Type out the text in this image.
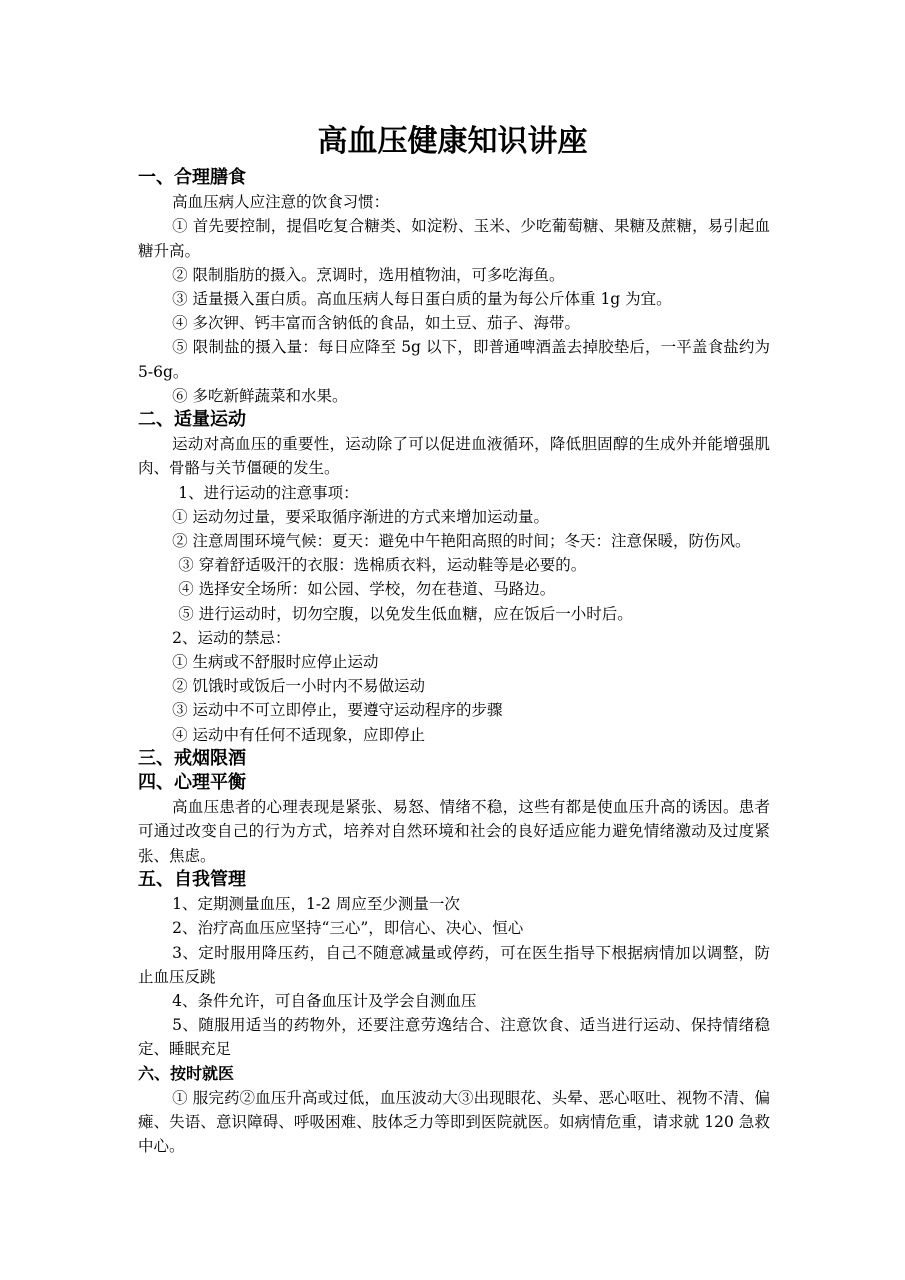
高血压健康知识讲座
一、合理膳食

高血压病人应注意的饮食习惯：

① 首先要控制，提倡吃复合糖类、如淀粉、玉米、少吃葡萄糖、果糖及蔗糖，易引起血糖升高。

② 限制脂肪的摄入。烹调时，选用植物油，可多吃海鱼。

③ 适量摄入蛋白质。高血压病人每日蛋白质的量为每公斤体重 1g 为宜。

④ 多次钾、钙丰富而含钠低的食品，如土豆、茄子、海带。

⑤ 限制盐的摄入量：每日应降至 5g 以下，即普通啤酒盖去掉胶垫后，一平盖食盐约为 5-6g。

⑥ 多吃新鲜蔬菜和水果。

二、适量运动

运动对高血压的重要性，运动除了可以促进血液循环，降低胆固醇的生成外并能增强肌肉、骨骼与关节僵硬的发生。

1、进行运动的注意事项：

① 运动勿过量，要采取循序渐进的方式来增加运动量。

② 注意周围环境气候：夏天：避免中午艳阳高照的时间；冬天：注意保暖，防伤风。

③ 穿着舒适吸汗的衣服：选棉质衣料，运动鞋等是必要的。

④ 选择安全场所：如公园、学校，勿在巷道、马路边。

⑤ 进行运动时，切勿空腹，以免发生低血糖，应在饭后一小时后。

2、运动的禁忌：

① 生病或不舒服时应停止运动

② 饥饿时或饭后一小时内不易做运动

③ 运动中不可立即停止，要遵守运动程序的步骤

④ 运动中有任何不适现象，应即停止

三、戒烟限酒
四、心理平衡

高血压患者的心理表现是紧张、易怒、情绪不稳，这些有都是使血压升高的诱因。患者可通过改变自己的行为方式，培养对自然环境和社会的良好适应能力避免情绪激动及过度紧张、焦虑。

五、自我管理

1、定期测量血压，1-2 周应至少测量一次

2、治疗高血压应坚持“三心”，即信心、决心、恒心

3、定时服用降压药，自己不随意减量或停药，可在医生指导下根据病情加以调整，防止血压反跳

4、条件允许，可自备血压计及学会自测血压

5、随服用适当的药物外，还要注意劳逸结合、注意饮食、适当进行运动、保持情绪稳定、睡眠充足

六、按时就医

① 服完药②血压升高或过低，血压波动大③出现眼花、头晕、恶心呕吐、视物不清、偏瘫、失语、意识障碍、呼吸困难、肢体乏力等即到医院就医。如病情危重，请求就 120 急救中心。
